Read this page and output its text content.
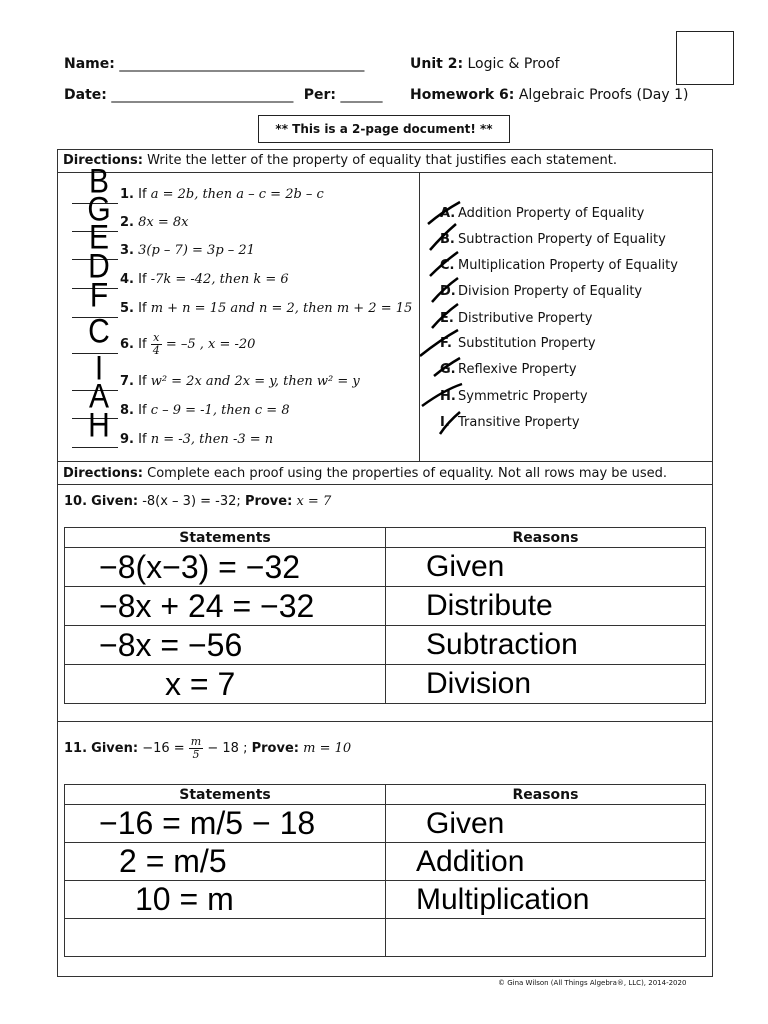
Name: ___________________________________
Date: __________________________ Per: ______
Unit 2: Logic & Proof
Homework 6: Algebraic Proofs (Day 1)
** This is a 2-page document! **
Directions: Write the letter of the property of equality that justifies each statement.
B 1. If a = 2b, then a – c = 2b – c
G 2. 8x = 8x
E 3. 3(p – 7) = 3p – 21
D 4. If -7k = -42, then k = 6
F 5. If m + n = 15 and n = 2, then m + 2 = 15
C 6. If $\frac{x}{4} = -5$ , x = -20
I	7. If w² = 2x and 2x = y, then w² = y
A 8. If c – 9 = -1, then c = 8
H 9. If n = -3, then -3 = n
A. Addition Property of Equality
B. Subtraction Property of Equality
C. Multiplication Property of Equality
D. Division Property of Equality
E. Distributive Property
F. Substitution Property
G. Reflexive Property
H. Symmetric Property
I. Transitive Property
Directions: Complete each proof using the properties of equality. Not all rows may be used.
10. Given: -8(x – 3) = -32; Prove: x = 7
Statements	Reasons
−8(x−3) = −32	Given
−8x + 24 = −32	Distribute
−8x = −56	Subtraction
x = 7	Division
11. Given: $-16 = \frac{m}{5} - 18$ ; Prove: m = 10
Statements	Reasons
−16 = m/5 − 18	Given
2 = m/5	Addition
10 = m	Multiplication

© Gina Wilson (All Things Algebra®, LLC), 2014-2020
